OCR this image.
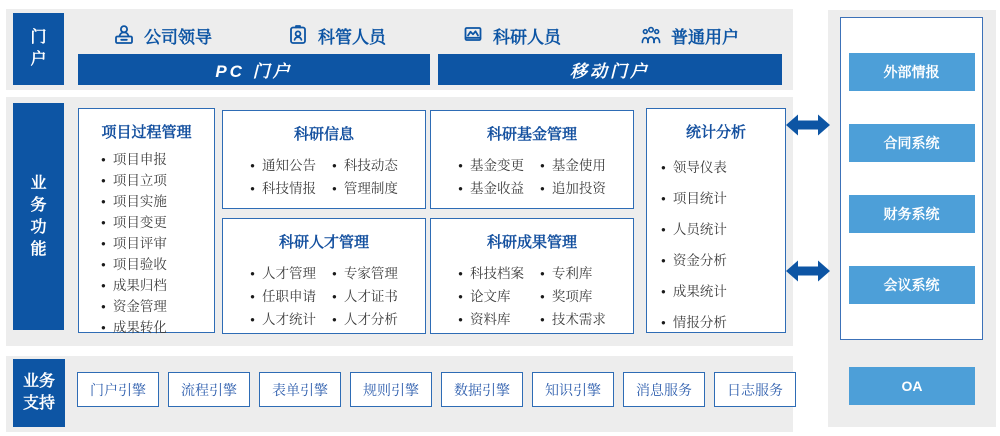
门户
公司领导	科管人员	科研人员	普通用户
PC 门户	移动门户
业务功能
项目过程管理
● 项目申报
● 项目立项
● 项目实施
● 项目变更
● 项目评审
● 项目验收
● 成果归档
● 资金管理
● 成果转化
科研信息
● 通知公告
● 科技情报
● 科技动态
● 管理制度
科研人才管理
● 人才管理
● 任职申请
● 人才统计
● 专家管理
● 人才证书
● 人才分析
科研基金管理
● 基金变更
● 基金收益
● 基金使用
● 追加投资
科研成果管理
● 科技档案
● 论文库
● 资料库
● 专利库
● 奖项库
● 技术需求
统计分析
● 领导仪表
● 项目统计
● 人员统计
● 资金分析
● 成果统计
● 情报分析
业务支持
门户引擎	流程引擎	表单引擎	规则引擎	数据引擎	知识引擎	消息服务	日志服务
外部情报
合同系统
财务系统
会议系统
OA
